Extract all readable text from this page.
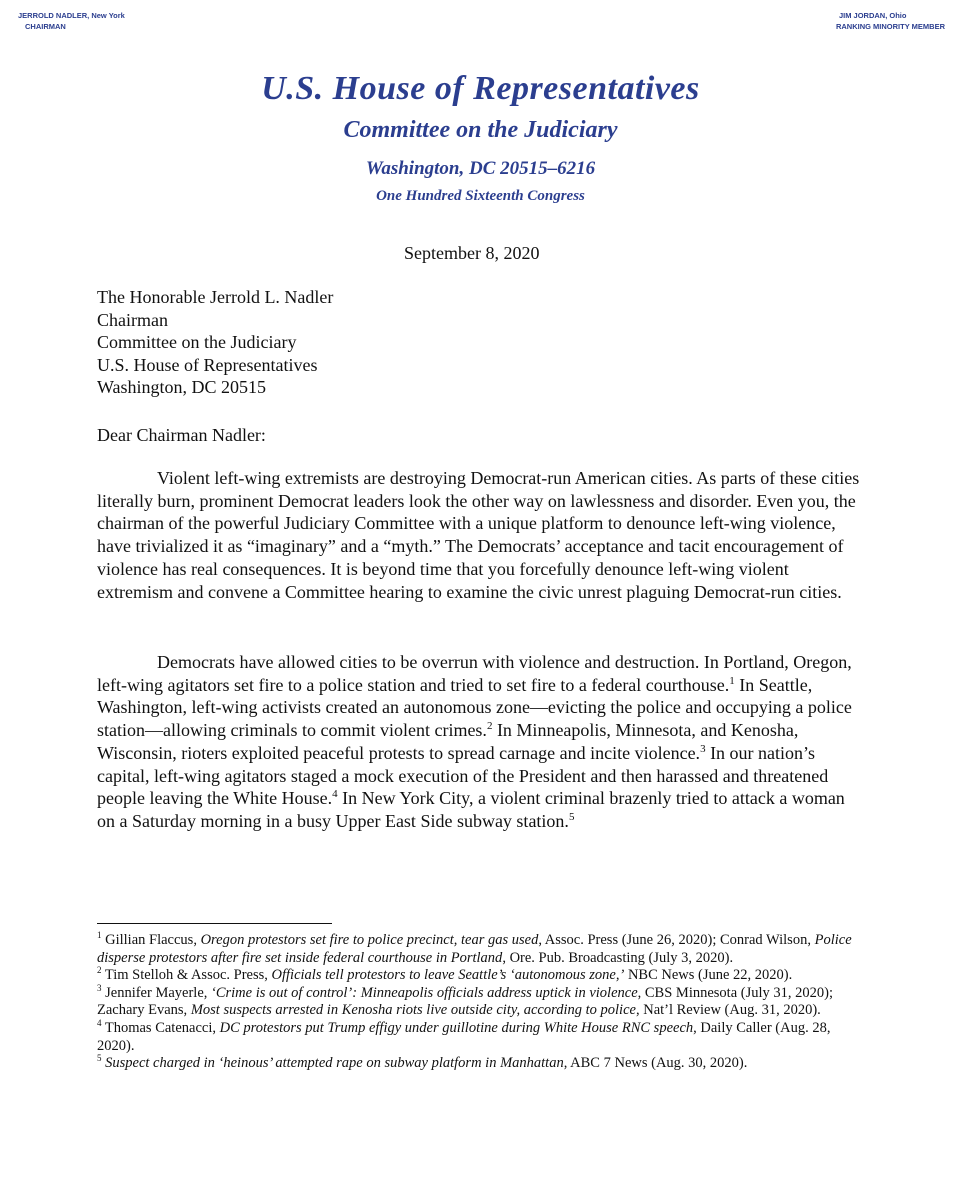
JERROLD NADLER, New York
CHAIRMAN
JIM JORDAN, Ohio
RANKING MINORITY MEMBER
U.S. House of Representatives
Committee on the Judiciary
Washington, DC 20515–6216
One Hundred Sixteenth Congress
September 8, 2020
The Honorable Jerrold L. Nadler
Chairman
Committee on the Judiciary
U.S. House of Representatives
Washington, DC 20515
Dear Chairman Nadler:

Violent left-wing extremists are destroying Democrat-run American cities. As parts of these cities literally burn, prominent Democrat leaders look the other way on lawlessness and disorder. Even you, the chairman of the powerful Judiciary Committee with a unique platform to denounce left-wing violence, have trivialized it as “imaginary” and a “myth.” The Democrats’ acceptance and tacit encouragement of violence has real consequences. It is beyond time that you forcefully denounce left-wing violent extremism and convene a Committee hearing to examine the civic unrest plaguing Democrat-run cities.

Democrats have allowed cities to be overrun with violence and destruction. In Portland, Oregon, left-wing agitators set fire to a police station and tried to set fire to a federal courthouse.$^1$ In Seattle, Washington, left-wing activists created an autonomous zone—evicting the police and occupying a police station—allowing criminals to commit violent crimes.$^2$ In Minneapolis, Minnesota, and Kenosha, Wisconsin, rioters exploited peaceful protests to spread carnage and incite violence.$^3$ In our nation’s capital, left-wing agitators staged a mock execution of the President and then harassed and threatened people leaving the White House.$^4$ In New York City, a violent criminal brazenly tried to attack a woman on a Saturday morning in a busy Upper East Side subway station.$^5$

$^1$ Gillian Flaccus, Oregon protestors set fire to police precinct, tear gas used, Assoc. Press (June 26, 2020); Conrad Wilson, Police disperse protestors after fire set inside federal courthouse in Portland, Ore. Pub. Broadcasting (July 3, 2020).

$^2$ Tim Stelloh & Assoc. Press, Officials tell protestors to leave Seattle’s ‘autonomous zone,’ NBC News (June 22, 2020).

$^3$ Jennifer Mayerle, ‘Crime is out of control’: Minneapolis officials address uptick in violence, CBS Minnesota (July 31, 2020); Zachary Evans, Most suspects arrested in Kenosha riots live outside city, according to police, Nat’l Review (Aug. 31, 2020).

$^4$ Thomas Catenacci, DC protestors put Trump effigy under guillotine during White House RNC speech, Daily Caller (Aug. 28, 2020).

$^5$ Suspect charged in ‘heinous’ attempted rape on subway platform in Manhattan, ABC 7 News (Aug. 30, 2020).
